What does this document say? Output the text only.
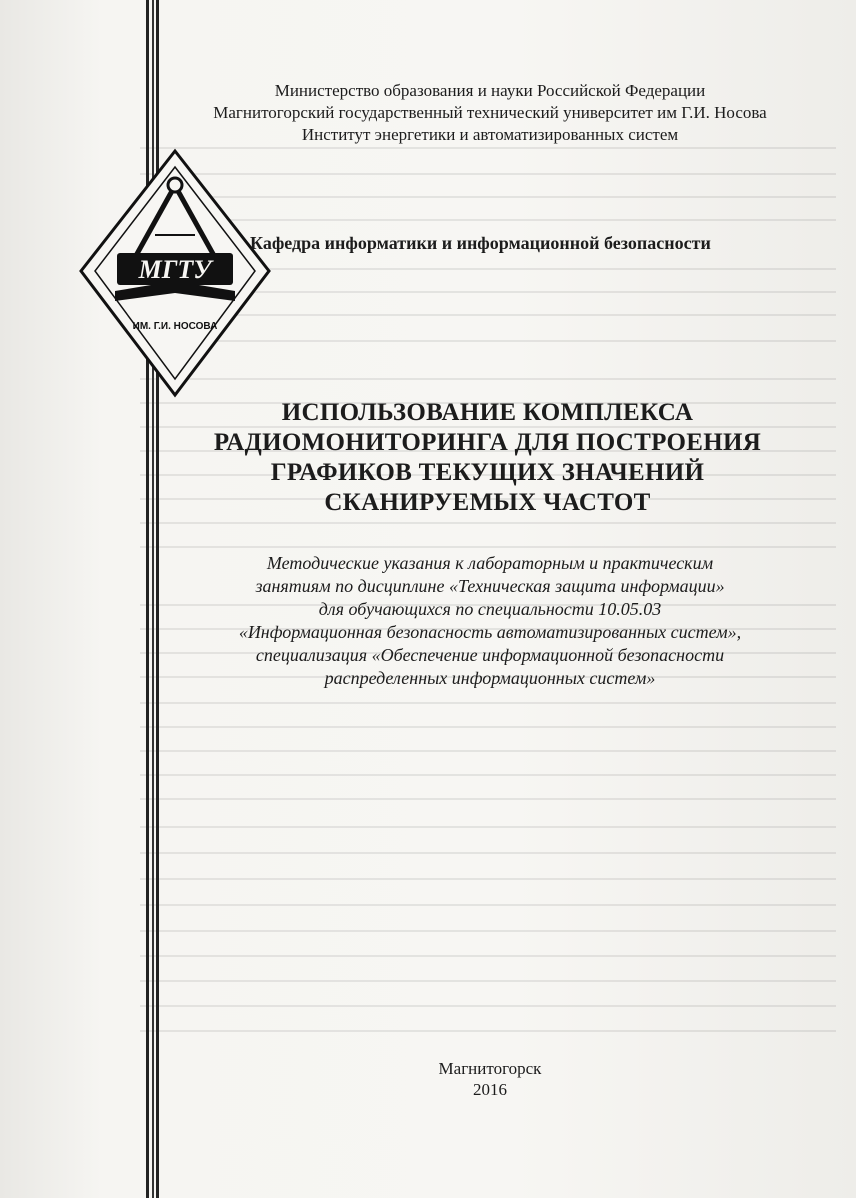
МГТУ
ИМ. Г.И. НОСОВА
Министерство образования и науки Российской Федерации
Магнитогорский государственный технический университет им Г.И. Носова
Институт энергетики и автоматизированных систем
Кафедра информатики и информационной безопасности
ИСПОЛЬЗОВАНИЕ КОМПЛЕКСА
РАДИОМОНИТОРИНГА ДЛЯ ПОСТРОЕНИЯ
ГРАФИКОВ ТЕКУЩИХ ЗНАЧЕНИЙ
СКАНИРУЕМЫХ ЧАСТОТ
Методические указания к лабораторным и практическим
занятиям по дисциплине «Техническая защита информации»
для обучающихся по специальности 10.05.03
«Информационная безопасность автоматизированных систем»,
специализация «Обеспечение информационной безопасности
распределенных информационных систем»
Магнитогорск
2016
